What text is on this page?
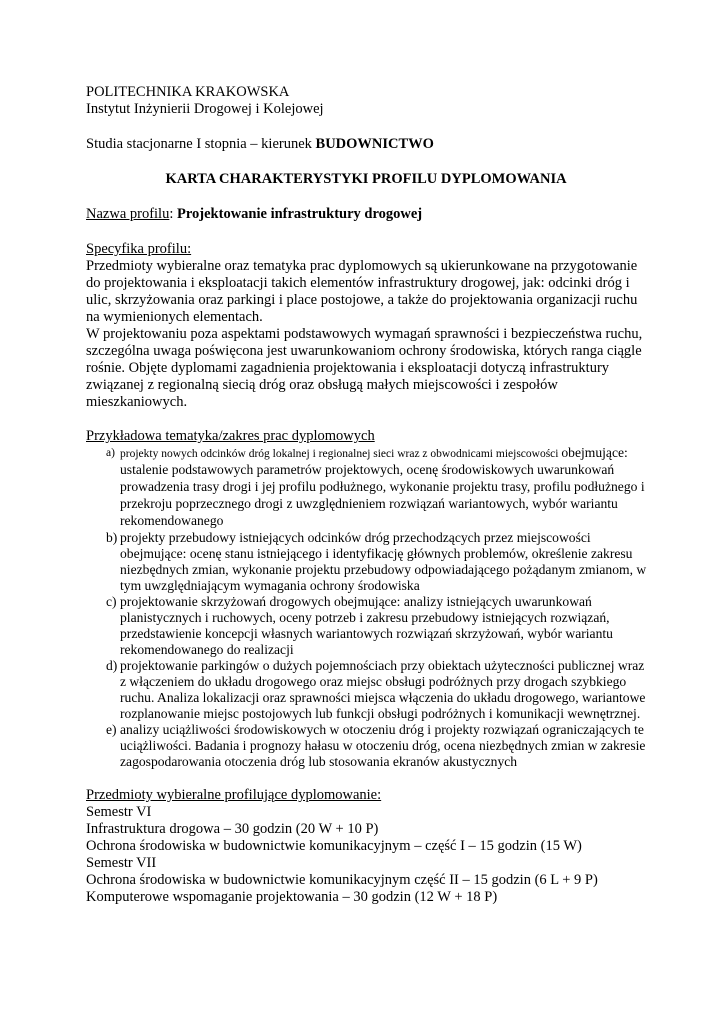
POLITECHNIKA KRAKOWSKA
Instytut Inżynierii Drogowej i Kolejowej
Studia stacjonarne I stopnia – kierunek BUDOWNICTWO
KARTA CHARAKTERYSTYKI PROFILU DYPLOMOWANIA
Nazwa profilu: Projektowanie infrastruktury drogowej
Specyfika profilu:

Przedmioty wybieralne oraz tematyka prac dyplomowych są ukierunkowane na przygotowanie do projektowania i eksploatacji takich elementów infrastruktury drogowej, jak: odcinki dróg i ulic, skrzyżowania oraz parkingi i place postojowe, a także do projektowania organizacji ruchu na wymienionych elementach.

W projektowaniu poza aspektami podstawowych wymagań sprawności i bezpieczeństwa ruchu, szczególna uwaga poświęcona jest uwarunkowaniom ochrony środowiska, których ranga ciągle rośnie. Objęte dyplomami zagadnienia projektowania i eksploatacji dotyczą infrastruktury związanej z regionalną siecią dróg oraz obsługą małych miejscowości i zespołów mieszkaniowych.

Przykładowa tematyka/zakres prac dyplomowych
a) projekty nowych odcinków dróg lokalnej i regionalnej sieci wraz z obwodnicami miejscowości obejmujące: ustalenie podstawowych parametrów projektowych, ocenę środowiskowych uwarunkowań prowadzenia trasy drogi i jej profilu podłużnego, wykonanie projektu trasy, profilu podłużnego i przekroju poprzecznego drogi z uwzględnieniem rozwiązań wariantowych, wybór wariantu rekomendowanego
b) projekty przebudowy istniejących odcinków dróg przechodzących przez miejscowości obejmujące: ocenę stanu istniejącego i identyfikację głównych problemów, określenie zakresu niezbędnych zmian, wykonanie projektu przebudowy odpowiadającego pożądanym zmianom, w tym uwzględniającym wymagania ochrony środowiska
c) projektowanie skrzyżowań drogowych obejmujące: analizy istniejących uwarunkowań planistycznych i ruchowych, oceny potrzeb i zakresu przebudowy istniejących rozwiązań, przedstawienie koncepcji własnych wariantowych rozwiązań skrzyżowań, wybór wariantu rekomendowanego do realizacji
d) projektowanie parkingów o dużych pojemnościach przy obiektach użyteczności publicznej wraz z włączeniem do układu drogowego oraz miejsc obsługi podróżnych przy drogach szybkiego ruchu. Analiza lokalizacji oraz sprawności miejsca włączenia do układu drogowego, wariantowe rozplanowanie miejsc postojowych lub funkcji obsługi podróżnych i komunikacji wewnętrznej.
e) analizy uciążliwości środowiskowych w otoczeniu dróg i projekty rozwiązań ograniczających te uciążliwości. Badania i prognozy hałasu w otoczeniu dróg, ocena niezbędnych zmian w zakresie zagospodarowania otoczenia dróg lub stosowania ekranów akustycznych
Przedmioty wybieralne profilujące dyplomowanie:
Semestr VI
Infrastruktura drogowa – 30 godzin (20 W + 10 P)
Ochrona środowiska w budownictwie komunikacyjnym – część I – 15 godzin (15 W)
Semestr VII
Ochrona środowiska w budownictwie komunikacyjnym część II – 15 godzin (6 L + 9 P)
Komputerowe wspomaganie projektowania – 30 godzin (12 W + 18 P)
